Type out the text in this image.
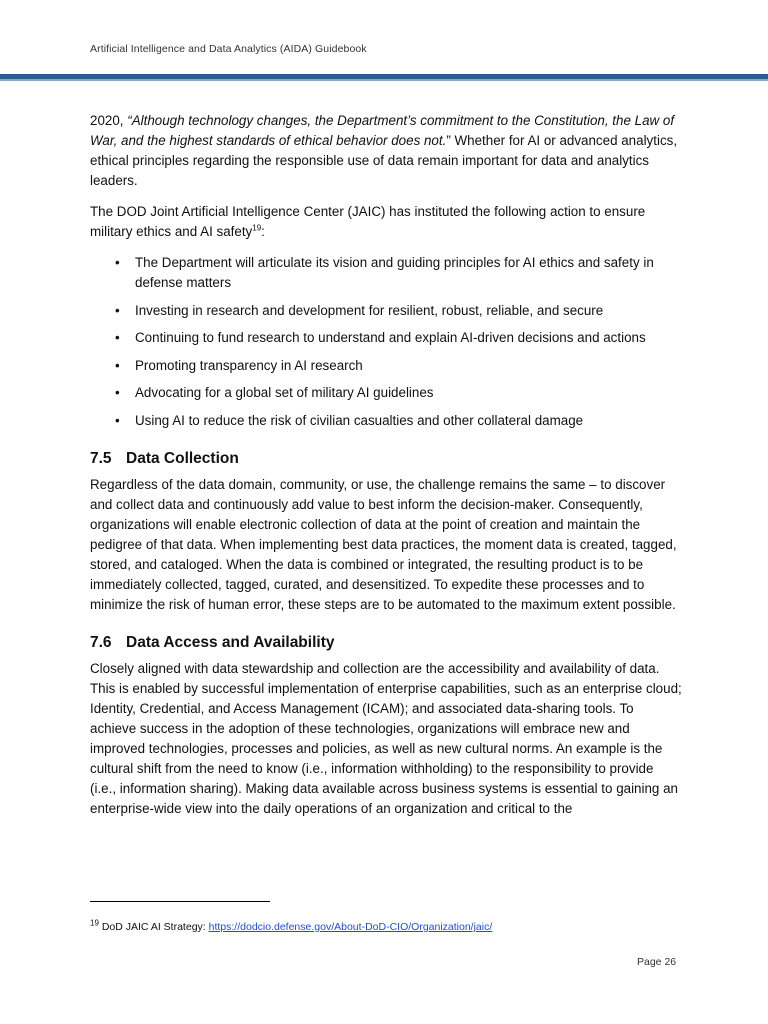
Artificial Intelligence and Data Analytics (AIDA) Guidebook

2020, “Although technology changes, the Department’s commitment to the Constitution, the Law of War, and the highest standards of ethical behavior does not.” Whether for AI or advanced analytics, ethical principles regarding the responsible use of data remain important for data and analytics leaders.

The DOD Joint Artificial Intelligence Center (JAIC) has instituted the following action to ensure military ethics and AI safety$^{19}$:

• The Department will articulate its vision and guiding principles for AI ethics and safety in defense matters
• Investing in research and development for resilient, robust, reliable, and secure
• Continuing to fund research to understand and explain AI-driven decisions and actions
• Promoting transparency in AI research
• Advocating for a global set of military AI guidelines
• Using AI to reduce the risk of civilian casualties and other collateral damage
7.5 Data Collection

Regardless of the data domain, community, or use, the challenge remains the same – to discover and collect data and continuously add value to best inform the decision-maker. Consequently, organizations will enable electronic collection of data at the point of creation and maintain the pedigree of that data. When implementing best data practices, the moment data is created, tagged, stored, and cataloged. When the data is combined or integrated, the resulting product is to be immediately collected, tagged, curated, and desensitized. To expedite these processes and to minimize the risk of human error, these steps are to be automated to the maximum extent possible.

7.6 Data Access and Availability

Closely aligned with data stewardship and collection are the accessibility and availability of data. This is enabled by successful implementation of enterprise capabilities, such as an enterprise cloud; Identity, Credential, and Access Management (ICAM); and associated data-sharing tools. To achieve success in the adoption of these technologies, organizations will embrace new and improved technologies, processes and policies, as well as new cultural norms. An example is the cultural shift from the need to know (i.e., information withholding) to the responsibility to provide (i.e., information sharing). Making data available across business systems is essential to gaining an enterprise-wide view into the daily operations of an organization and critical to the

$^{19}$ DoD JAIC AI Strategy: https://dodcio.defense.gov/About-DoD-CIO/Organization/jaic/
Page 26
